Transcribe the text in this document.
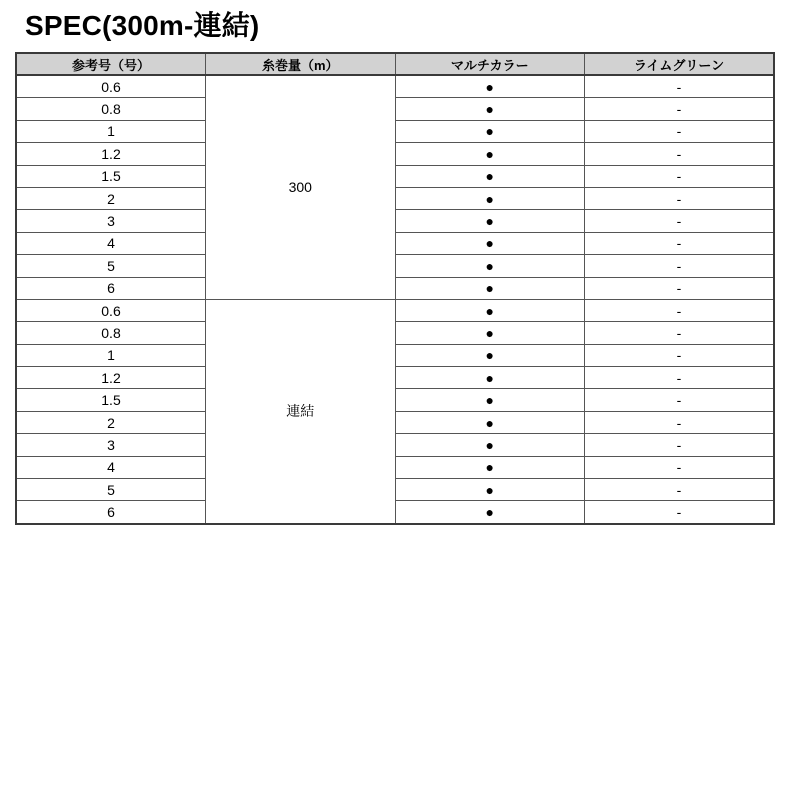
SPEC(300m-連結)
参考号（号）	糸巻量（m）	マルチカラー	ライムグリーン
0.6	300	●	-
0.8		●	-
1		●	-
1.2		●	-
1.5		●	-
2		●	-
3		●	-
4		●	-
5		●	-
6		●	-
0.6	連結	●	-
0.8		●	-
1		●	-
1.2		●	-
1.5		●	-
2		●	-
3		●	-
4		●	-
5		●	-
6		●	-
